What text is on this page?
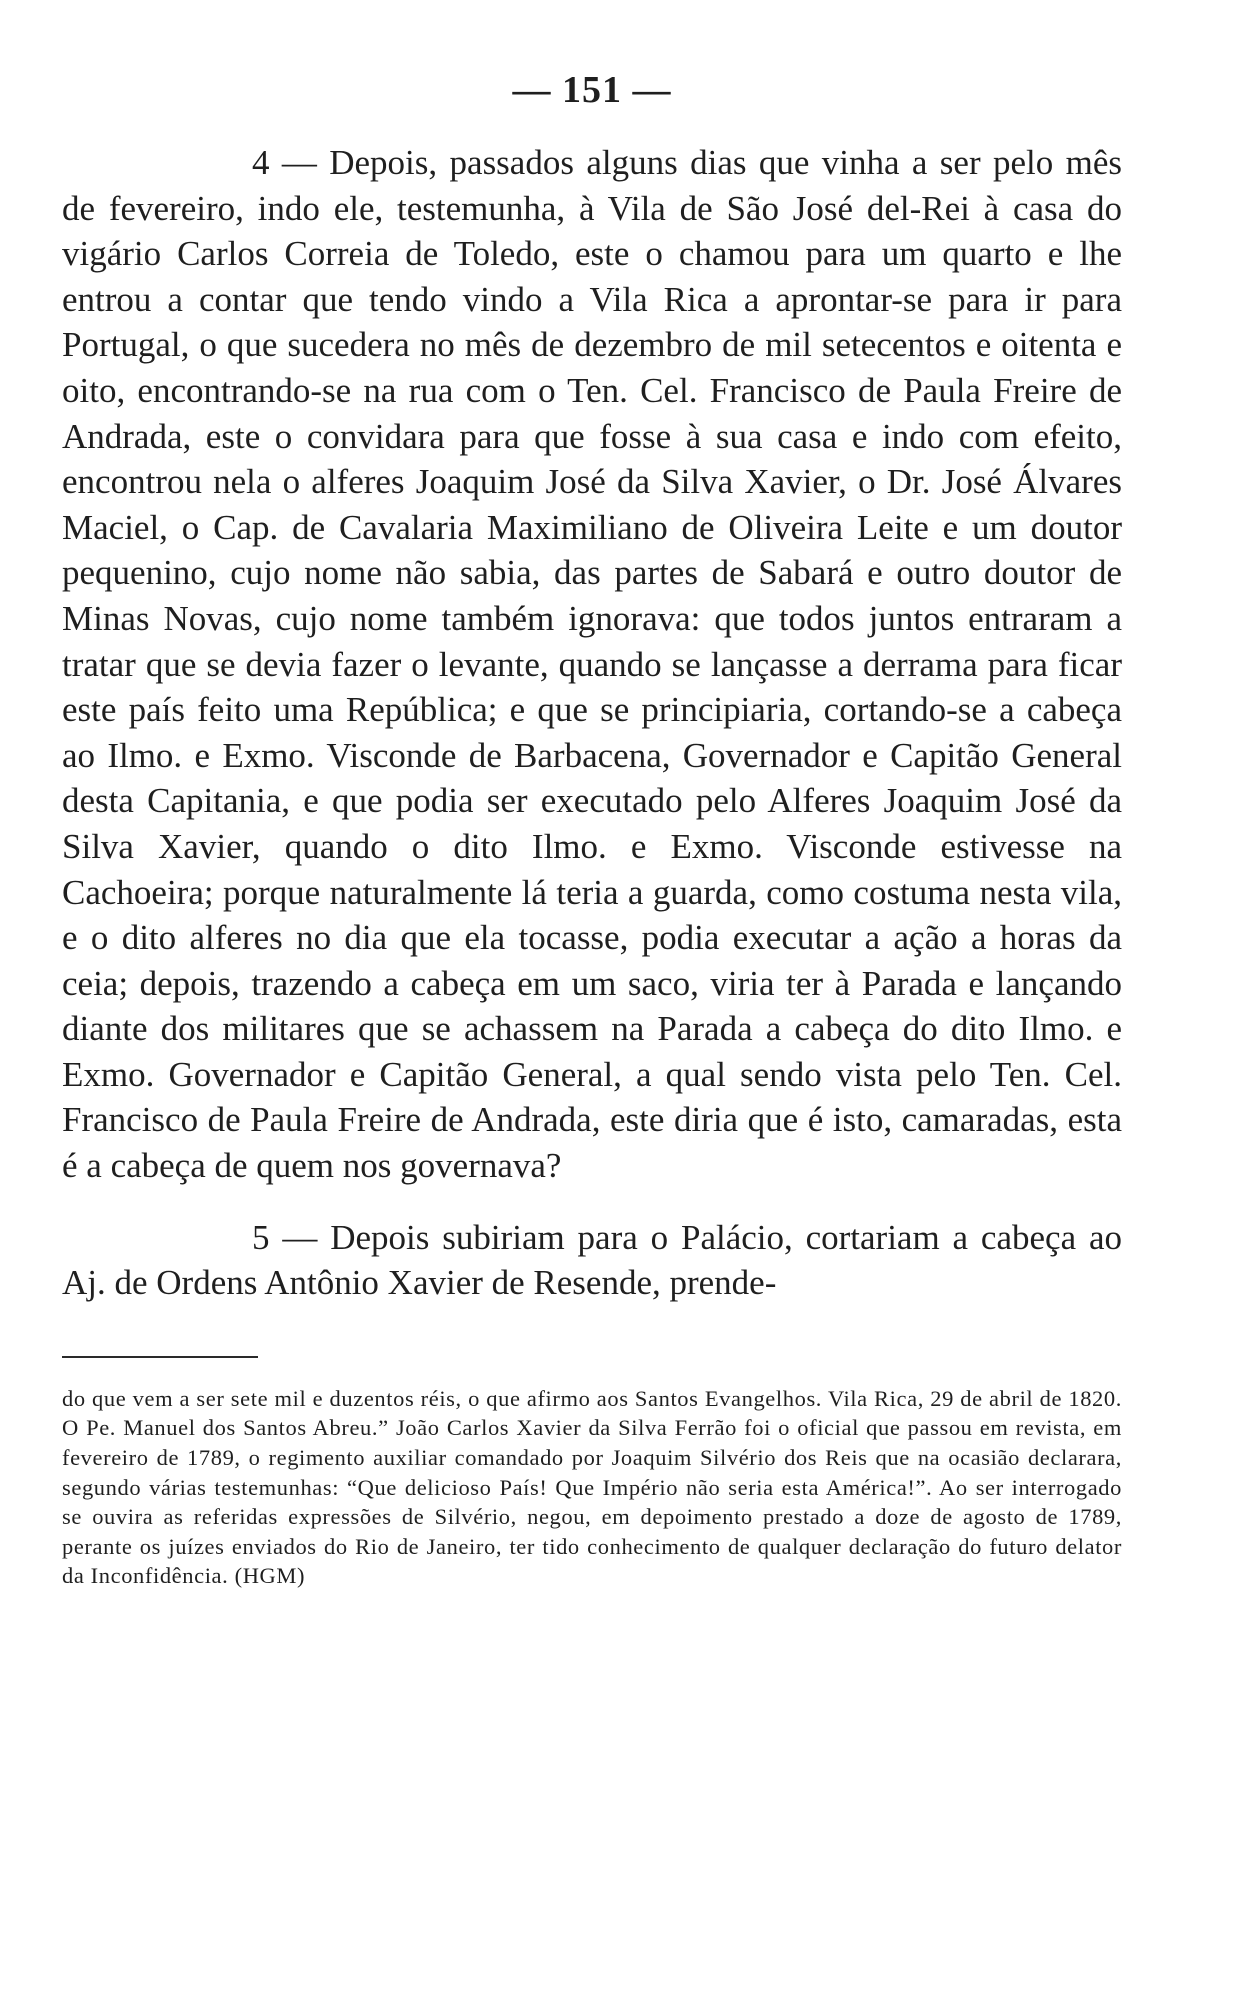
— 151 —

4 — Depois, passados alguns dias que vinha a ser pelo mês de fevereiro, indo ele, testemunha, à Vila de São José del-Rei à casa do vigário Carlos Correia de Toledo, este o chamou para um quarto e lhe entrou a contar que tendo vindo a Vila Rica a aprontar-se para ir para Portugal, o que sucedera no mês de dezembro de mil setecentos e oitenta e oito, encontrando-se na rua com o Ten. Cel. Francisco de Paula Freire de Andrada, este o convidara para que fosse à sua casa e indo com efeito, encontrou nela o alferes Joaquim José da Silva Xavier, o Dr. José Álvares Maciel, o Cap. de Cavalaria Maximiliano de Oliveira Leite e um doutor pequenino, cujo nome não sabia, das partes de Sabará e outro doutor de Minas Novas, cujo nome também ignorava: que todos juntos entraram a tratar que se devia fazer o levante, quando se lançasse a derrama para ficar este país feito uma República; e que se principiaria, cortando-se a cabeça ao Ilmo. e Exmo. Visconde de Barbacena, Governador e Capitão General desta Capitania, e que podia ser executado pelo Alferes Joaquim José da Silva Xavier, quando o dito Ilmo. e Exmo. Visconde estivesse na Cachoeira; porque naturalmente lá teria a guarda, como costuma nesta vila, e o dito alferes no dia que ela tocasse, podia executar a ação a horas da ceia; depois, trazendo a cabeça em um saco, viria ter à Parada e lançando diante dos militares que se achassem na Parada a cabeça do dito Ilmo. e Exmo. Governador e Capitão General, a qual sendo vista pelo Ten. Cel. Francisco de Paula Freire de Andrada, este diria que é isto, camaradas, esta é a cabeça de quem nos governava?

5 — Depois subiriam para o Palácio, cortariam a cabeça ao Aj. de Ordens Antônio Xavier de Resende, prende-

do que vem a ser sete mil e duzentos réis, o que afirmo aos Santos Evangelhos. Vila Rica, 29 de abril de 1820. O Pe. Manuel dos Santos Abreu.” João Carlos Xavier da Silva Ferrão foi o oficial que passou em revista, em fevereiro de 1789, o regimento auxiliar comandado por Joaquim Silvério dos Reis que na ocasião declarara, segundo várias testemunhas: “Que delicioso País! Que Império não seria esta América!”. Ao ser interrogado se ouvira as referidas expressões de Silvério, negou, em depoimento prestado a doze de agosto de 1789, perante os juízes enviados do Rio de Janeiro, ter tido conhecimento de qualquer declaração do futuro delator da Inconfidência. (HGM)
